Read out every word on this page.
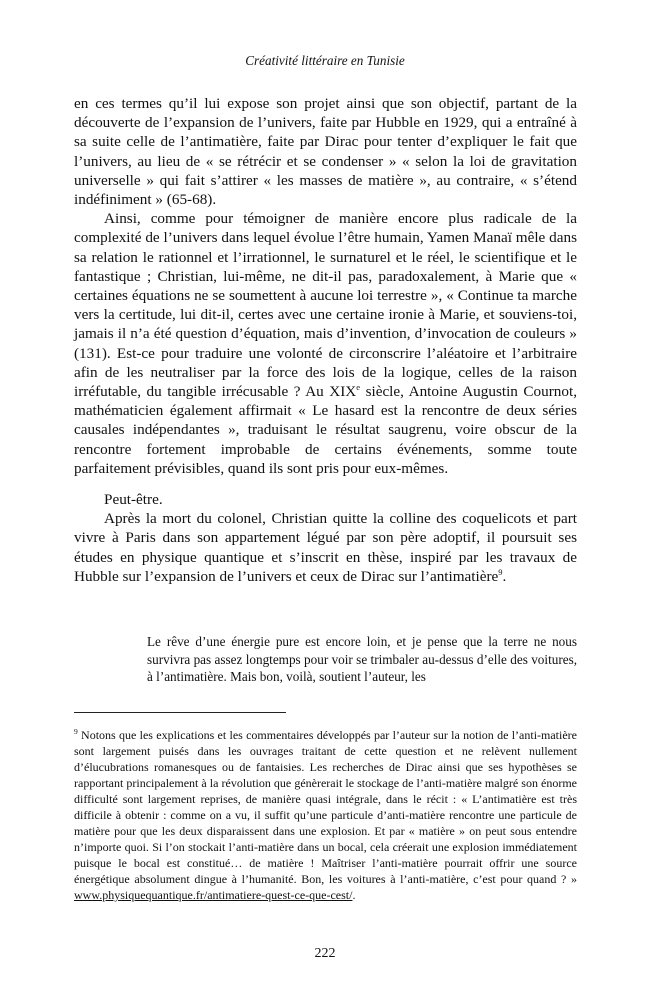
Créativité littéraire en Tunisie

en ces termes qu’il lui expose son projet ainsi que son objectif, partant de la découverte de l’expansion de l’univers, faite par Hubble en 1929, qui a entraîné à sa suite celle de l’antimatière, faite par Dirac pour tenter d’expliquer le fait que l’univers, au lieu de « se rétrécir et se condenser » « selon la loi de gravitation universelle » qui fait s’attirer « les masses de matière », au contraire, « s’étend indéfiniment » (65-68).

Ainsi, comme pour témoigner de manière encore plus radicale de la complexité de l’univers dans lequel évolue l’être humain, Yamen Manaï mêle dans sa relation le rationnel et l’irrationnel, le surnaturel et le réel, le scientifique et le fantastique ; Christian, lui-même, ne dit-il pas, paradoxalement, à Marie que « certaines équations ne se soumettent à aucune loi terrestre », « Continue ta marche vers la certitude, lui dit-il, certes avec une certaine ironie à Marie, et souviens-toi, jamais il n’a été question d’équation, mais d’invention, d’invocation de couleurs » (131). Est-ce pour traduire une volonté de circonscrire l’aléatoire et l’arbitraire afin de les neutraliser par la force des lois de la logique, celles de la raison irréfutable, du tangible irrécusable ? Au XIXe siècle, Antoine Augustin Cournot, mathématicien également affirmait « Le hasard est la rencontre de deux séries causales indépendantes », traduisant le résultat saugrenu, voire obscur de la rencontre fortement improbable de certains événements, somme toute parfaitement prévisibles, quand ils sont pris pour eux-mêmes.

Peut-être.

Après la mort du colonel, Christian quitte la colline des coquelicots et part vivre à Paris dans son appartement légué par son père adoptif, il poursuit ses études en physique quantique et s’inscrit en thèse, inspiré par les travaux de Hubble sur l’expansion de l’univers et ceux de Dirac sur l’antimatière$^9$.

Le rêve d’une énergie pure est encore loin, et je pense que la terre ne nous survivra pas assez longtemps pour voir se trimbaler au-dessus d’elle des voitures, à l’antimatière. Mais bon, voilà, soutient l’auteur, les

$^9$ Notons que les explications et les commentaires développés par l’auteur sur la notion de l’anti-matière sont largement puisés dans les ouvrages traitant de cette question et ne relèvent nullement d’élucubrations romanesques ou de fantaisies. Les recherches de Dirac ainsi que ses hypothèses se rapportant principalement à la révolution que génèrerait le stockage de l’anti-matière malgré son énorme difficulté sont largement reprises, de manière quasi intégrale, dans le récit : « L’antimatière est très difficile à obtenir : comme on a vu, il suffit qu’une particule d’anti-matière rencontre une particule de matière pour que les deux disparaissent dans une explosion. Et par « matière » on peut sous entendre n’importe quoi. Si l’on stockait l’anti-matière dans un bocal, cela créerait une explosion immédiatement puisque le bocal est constitué… de matière ! Maîtriser l’anti-matière pourrait offrir une source énergétique absolument dingue à l’humanité. Bon, les voitures à l’anti-matière, c’est pour quand ? » www.physiquequantique.fr/antimatiere-quest-ce-que-cest/.

222
